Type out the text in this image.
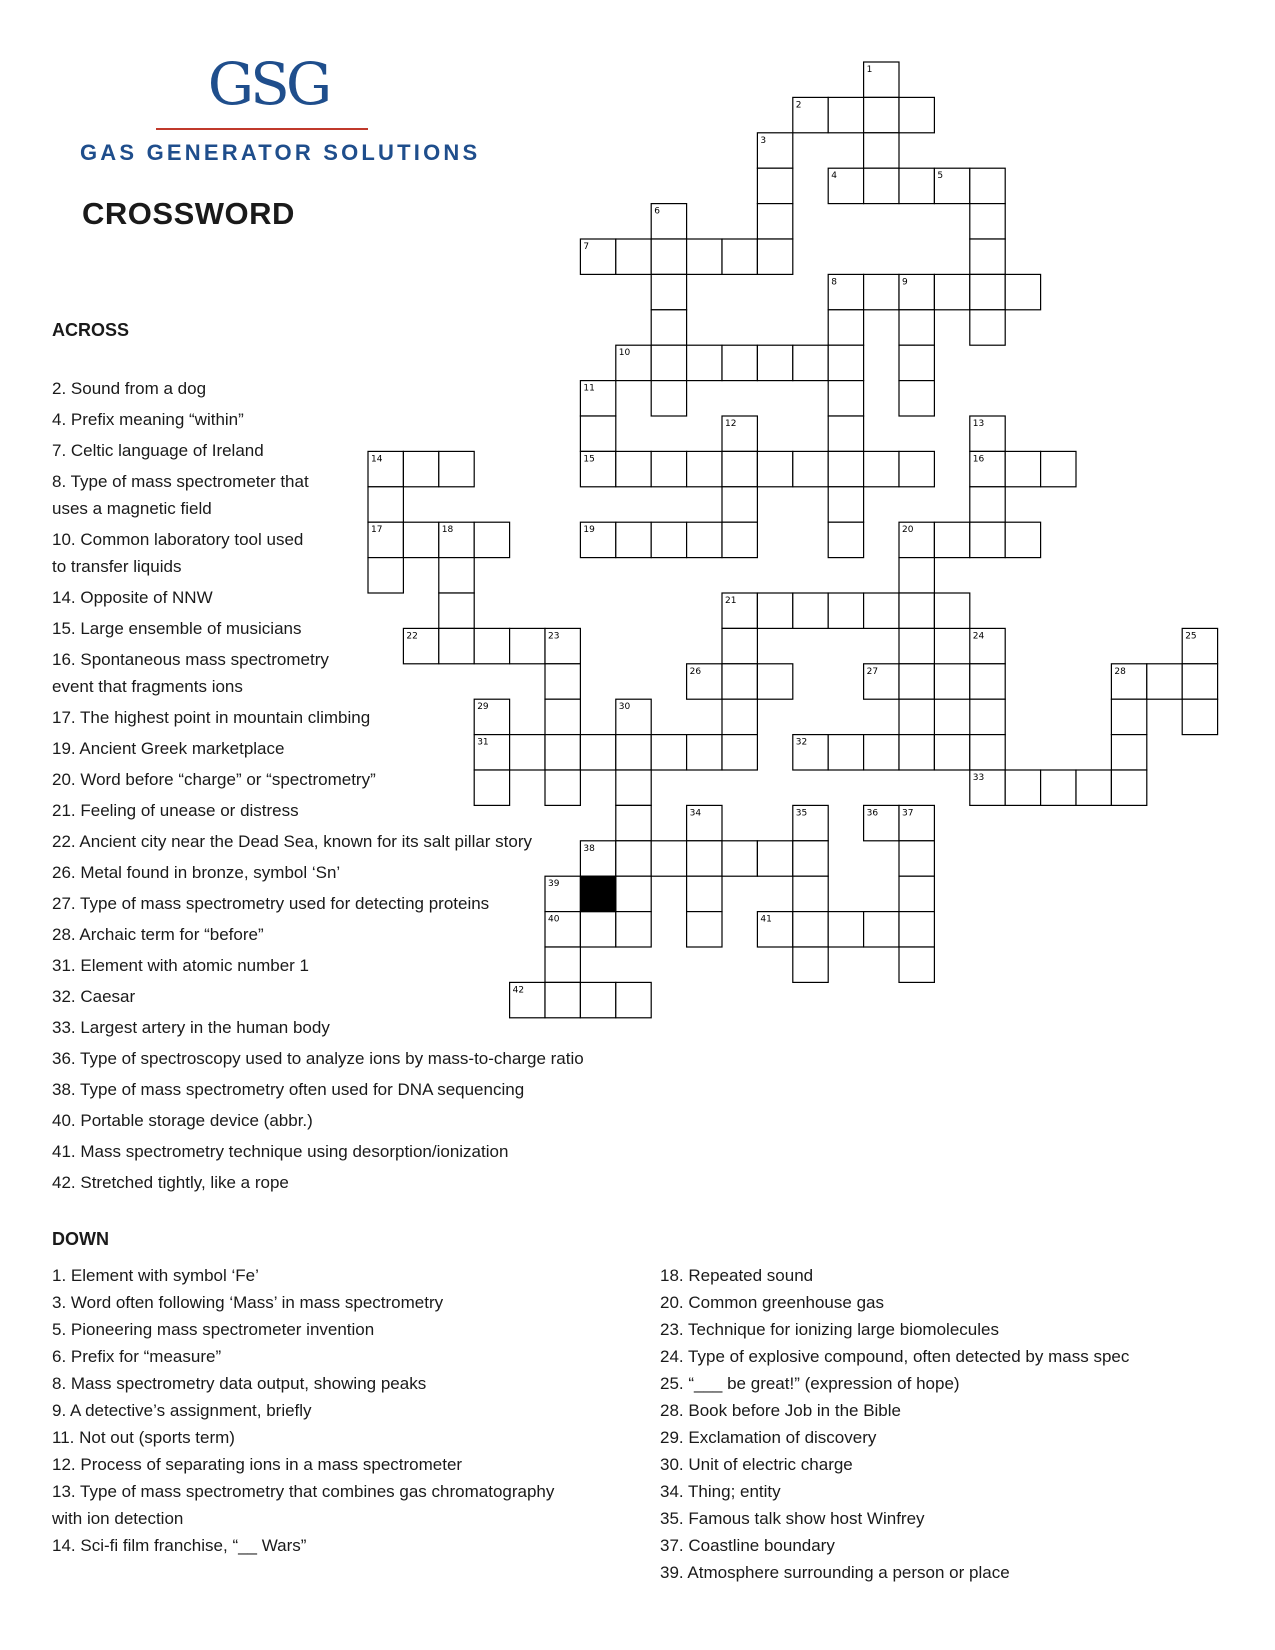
GSG
GAS GENERATOR SOLUTIONS
CROSSWORD
ACROSS
2. Sound from a dog
4. Prefix meaning “within”
7. Celtic language of Ireland
8. Type of mass spectrometer that
uses a magnetic field
10. Common laboratory tool used
to transfer liquids
14. Opposite of NNW
15. Large ensemble of musicians
16. Spontaneous mass spectrometry
event that fragments ions
17. The highest point in mountain climbing
19. Ancient Greek marketplace
20. Word before “charge” or “spectrometry”
21. Feeling of unease or distress
22. Ancient city near the Dead Sea, known for its salt pillar story
26. Metal found in bronze, symbol ‘Sn’
27. Type of mass spectrometry used for detecting proteins
28. Archaic term for “before”
31. Element with atomic number 1
32. Caesar
33. Largest artery in the human body
36. Type of spectroscopy used to analyze ions by mass-to-charge ratio
38. Type of mass spectrometry often used for DNA sequencing
40. Portable storage device (abbr.)
41. Mass spectrometry technique using desorption/ionization
42. Stretched tightly, like a rope
DOWN
1. Element with symbol ‘Fe’
3. Word often following ‘Mass’ in mass spectrometry
5. Pioneering mass spectrometer invention
6. Prefix for “measure”
8. Mass spectrometry data output, showing peaks
9. A detective’s assignment, briefly
11. Not out (sports term)
12. Process of separating ions in a mass spectrometer
13. Type of mass spectrometry that combines gas chromatography
with ion detection
14. Sci-fi film franchise, “__ Wars”
18. Repeated sound
20. Common greenhouse gas
23. Technique for ionizing large biomolecules
24. Type of explosive compound, often detected by mass spec
25. “___ be great!” (expression of hope)
28. Book before Job in the Bible
29. Exclamation of discovery
30. Unit of electric charge
34. Thing; entity
35. Famous talk show host Winfrey
37. Coastline boundary
39. Atmosphere surrounding a person or place
1
2
3
4	5
6
7
8	9
10
11
12	13
14	15	16
17	18	19	20
21
22	23	24	25
26	27	28
29	30
31	32
33
34	35	36	37
38
39
40	41
42
